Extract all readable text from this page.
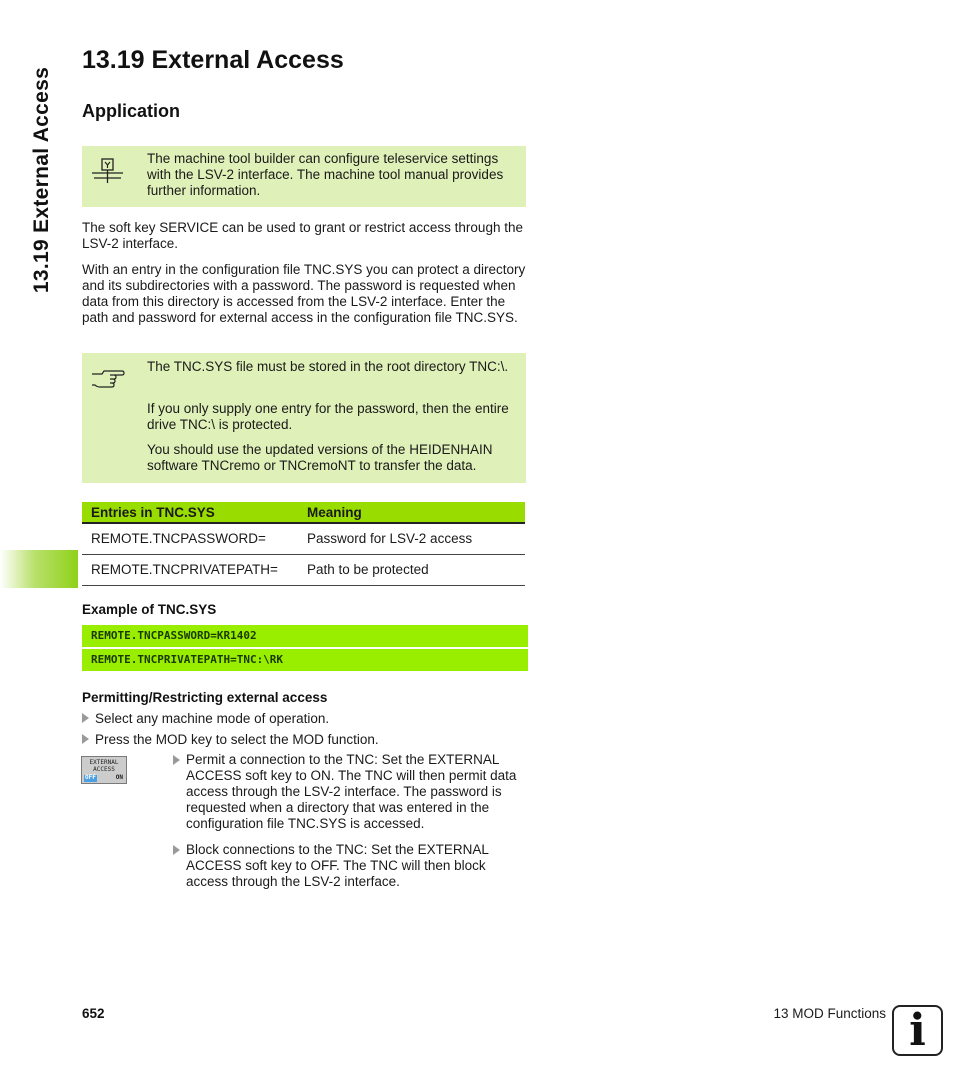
13.19 External Access
13.19 External Access
Application

The machine tool builder can configure teleservice settings with the LSV-2 interface. The machine tool manual provides further information.

The soft key SERVICE can be used to grant or restrict access through the LSV-2 interface.
With an entry in the configuration file TNC.SYS you can protect a directory and its subdirectories with a password. The password is requested when data from this directory is accessed from the LSV-2 interface. Enter the path and password for external access in the configuration file TNC.SYS.

The TNC.SYS file must be stored in the root directory TNC:\.

If you only supply one entry for the password, then the entire drive TNC:\ is protected.

You should use the updated versions of the HEIDENHAIN software TNCremo or TNCremoNT to transfer the data.

Entries in TNC.SYS	Meaning
REMOTE.TNCPASSWORD=	Password for LSV-2 access
REMOTE.TNCPRIVATEPATH=	Path to be protected
Example of TNC.SYS
REMOTE.TNCPASSWORD=KR1402
REMOTE.TNCPRIVATEPATH=TNC:\RK
Permitting/Restricting external access
Select any machine mode of operation.
Press the MOD key to select the MOD function.
EXTERNAL
ACCESS
OFF	ON
Permit a connection to the TNC: Set the EXTERNAL ACCESS soft key to ON. The TNC will then permit data access through the LSV-2 interface. The password is requested when a directory that was entered in the configuration file TNC.SYS is accessed.
Block connections to the TNC: Set the EXTERNAL ACCESS soft key to OFF. The TNC will then block access through the LSV-2 interface.
652	13 MOD Functions i
